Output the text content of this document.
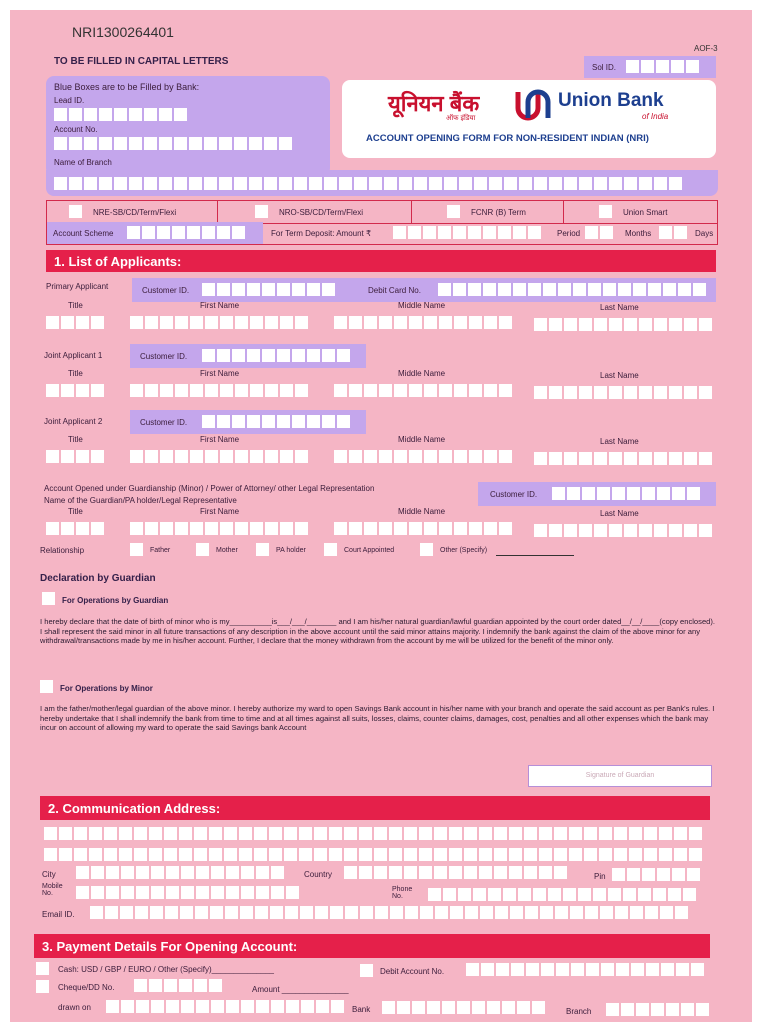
NRI1300264401
AOF-3
TO BE FILLED IN CAPITAL LETTERS
Sol ID.
Blue Boxes are to be Filled by Bank:
Lead ID.
Account No.
Name of Branch
यूनियन बैंक
ऑफ इंडिया
Union Bank
of India
ACCOUNT OPENING FORM FOR NON-RESIDENT INDIAN (NRI)
NRE-SB/CD/Term/Flexi	NRO-SB/CD/Term/Flexi	FCNR (B) Term	Union Smart
Account Scheme	For Term Deposit: Amount ₹	Period	Months	Days
1. List of Applicants:
Primary Applicant	Customer ID.	Debit Card No.
Title	First Name	Middle Name	Last Name
Joint Applicant 1	Customer ID.
Title	First Name	Middle Name	Last Name
Joint Applicant 2	Customer ID.
Title	First Name	Middle Name	Last Name
Account Opened under Guardianship (Minor) / Power of Attorney/ other Legal Representation
Name of the Guardian/PA holder/Legal Representative
Customer ID.
Title	First Name	Middle Name	Last Name
Relationship	Father	Mother	PA holder	Court Appointed	Other (Specify)
Declaration by Guardian
For Operations by Guardian
I hereby declare that the date of birth of minor who is my__________is___/___/_______ and I am his/her natural guardian/lawful guardian appointed by the court order dated__/__/____(copy enclosed). I shall represent the said minor in all future transactions of any description in the above account until the said minor attains majority. I indemnify the bank against the claim of the above minor for any withdrawal/transactions made by me in his/her account. Further, I declare that the money withdrawn from the account by me will be utilized for the benefit of the minor only.
For Operations by Minor
I am the father/mother/legal guardian of the above minor. I hereby authorize my ward to open Savings Bank account in his/her name with your branch and operate the said account as per Bank's rules. I hereby undertake that I shall indemnify the bank from time to time and at all times against all suits, losses, claims, counter claims, damages, cost, penalties and all other expenses which the bank may incur on account of allowing my ward to operate the said Savings bank Account
Signature of Guardian
2. Communication Address:
City	Country	Pin
Mobile No.
Phone No.
Email ID.
3. Payment Details For Opening Account:
Cash: USD / GBP / EURO / Other (Specify)______________	Debit Account No.
Cheque/DD No.	Amount _______________
drawn on	Bank	Branch
